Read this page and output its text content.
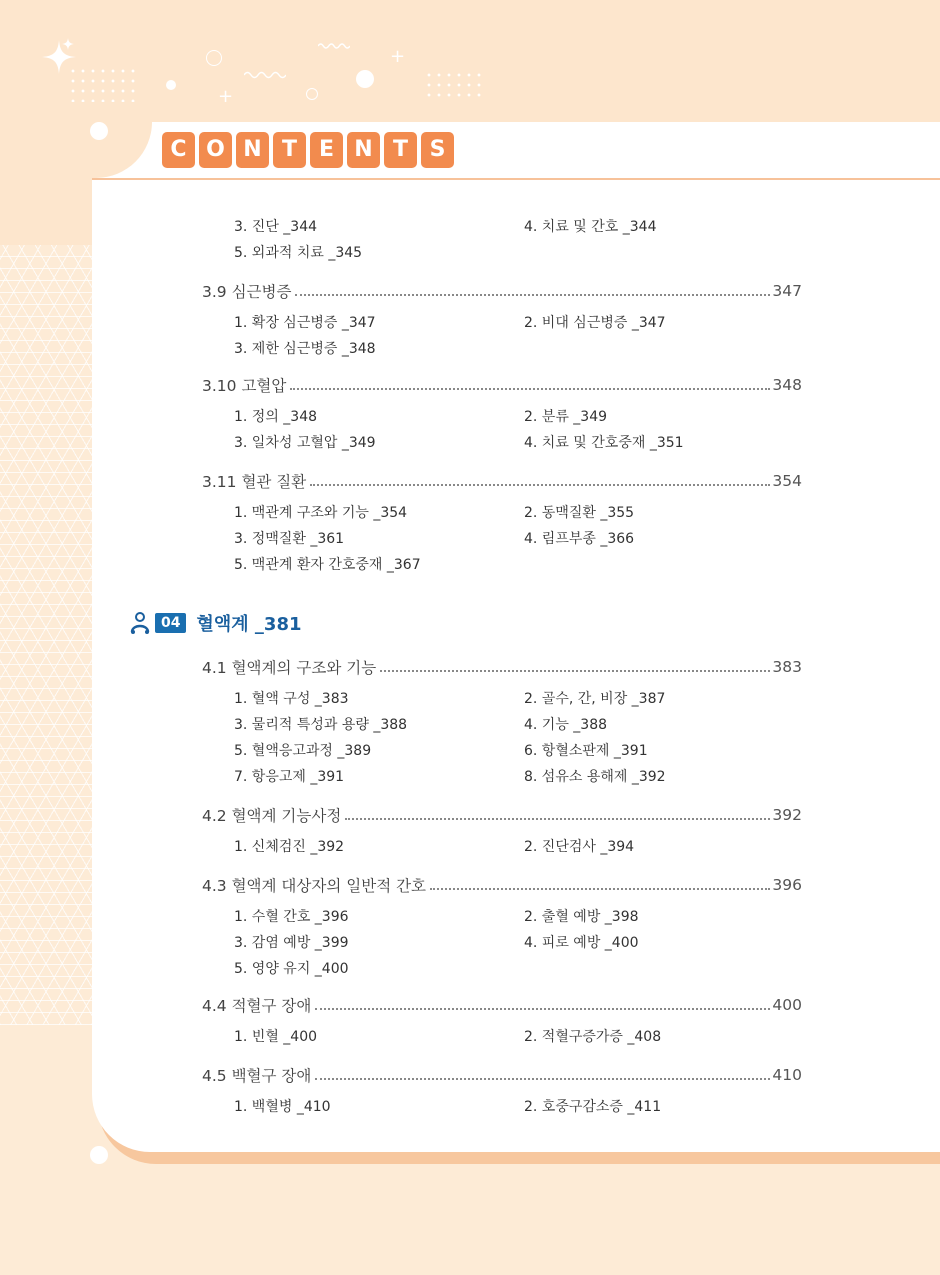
+
+
C O N T E N T S
3. 진단 _344	4. 치료 및 간호 _344
5. 외과적 치료 _345
3.9 심근병증	347
1. 확장 심근병증 _347	2. 비대 심근병증 _347
3. 제한 심근병증 _348
3.10 고혈압	348
1. 정의 _348	2. 분류 _349
3. 일차성 고혈압 _349	4. 치료 및 간호중재 _351
3.11 혈관 질환	354
1. 맥관계 구조와 기능 _354	2. 동맥질환 _355
3. 정맥질환 _361	4. 림프부종 _366
5. 맥관계 환자 간호중재 _367
4.1 혈액계의 구조와 기능	383
1. 혈액 구성 _383	2. 골수, 간, 비장 _387
3. 물리적 특성과 용량 _388	4. 기능 _388
5. 혈액응고과정 _389	6. 항혈소판제 _391
7. 항응고제 _391	8. 섬유소 용해제 _392
4.2 혈액계 기능사정	392
1. 신체검진 _392	2. 진단검사 _394
4.3 혈액계 대상자의 일반적 간호	396
1. 수혈 간호 _396	2. 출혈 예방 _398
3. 감염 예방 _399	4. 피로 예방 _400
5. 영양 유지 _400
4.4 적혈구 장애	400
1. 빈혈 _400	2. 적혈구증가증 _408
4.5 백혈구 장애	410
1. 백혈병 _410	2. 호중구감소증 _411
04 혈액계 _381
